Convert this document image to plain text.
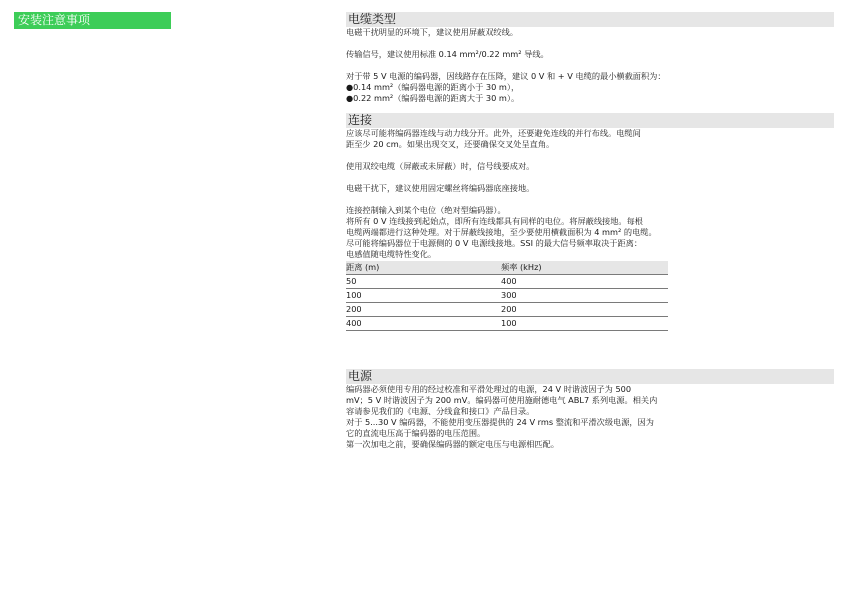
安装注意事项	电缆类型

电磁干扰明显的环境下，建议使用屏蔽双绞线。

传输信号，建议使用标准 0.14 mm²/0.22 mm² 导线。

对于带 5 V 电源的编码器，因线路存在压降，建议 0 V 和 + V 电缆的最小横截面积为：

●0.14 mm²（编码器电源的距离小于 30 m），

●0.22 mm²（编码器电源的距离大于 30 m）。

连接

应该尽可能将编码器连线与动力线分开。此外，还要避免连线的并行布线。电缆间

距至少 20 cm。如果出现交叉，还要确保交叉处呈直角。

使用双绞电缆（屏蔽或未屏蔽）时，信号线要成对。

电磁干扰下，建议使用固定螺丝将编码器底座接地。

连接控制输入到某个电位（绝对型编码器）。

将所有 0 V 连线接到起始点，即所有连线都具有同样的电位。将屏蔽线接地。每根

电缆两端都进行这种处理。对于屏蔽线接地，至少要使用横截面积为 4 mm² 的电缆。

尽可能将编码器位于电源侧的 0 V 电源线接地。SSI 的最大信号频率取决于距离：

电感值随电缆特性变化。

距离 (m)	频率 (kHz)
50	400
100	300
200	200
400	100
电源

编码器必须使用专用的经过校准和平滑处理过的电源，24 V 时谐波因子为 500

mV；5 V 时谐波因子为 200 mV。编码器可使用施耐德电气 ABL7 系列电源。相关内

容请参见我们的《电源、分线盒和接口》产品目录。

对于 5...30 V 编码器，不能使用变压器提供的 24 V rms 整流和平滑次级电源，因为

它的直流电压高于编码器的电压范围。

第一次加电之前，要确保编码器的额定电压与电源相匹配。
